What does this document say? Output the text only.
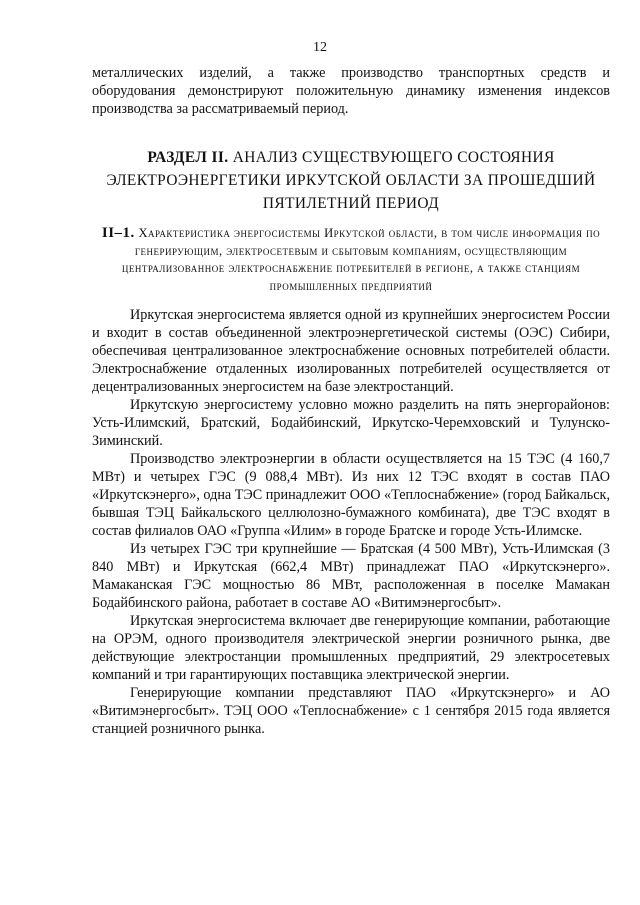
12

металлических изделий, а также производство транспортных средств и оборудования демонстрируют положительную динамику изменения индексов производства за рассматриваемый период.

РАЗДЕЛ II. АНАЛИЗ СУЩЕСТВУЮЩЕГО СОСТОЯНИЯ ЭЛЕКТРОЭНЕРГЕТИКИ ИРКУТСКОЙ ОБЛАСТИ ЗА ПРОШЕДШИЙ ПЯТИЛЕТНИЙ ПЕРИОД
II–1. Характеристика энергосистемы Иркутской области, в том числе информация по генерирующим, электросетевым и сбытовым компаниям, осуществляющим централизованное электроснабжение потребителей в регионе, а также станциям промышленных предприятий

Иркутская энергосистема является одной из крупнейших энергосистем России и входит в состав объединенной электроэнергетической системы (ОЭС) Сибири, обеспечивая централизованное электроснабжение основных потребителей области. Электроснабжение отдаленных изолированных потребителей осуществляется от децентрализованных энергосистем на базе электростанций.

Иркутскую энергосистему условно можно разделить на пять энергорайонов: Усть-Илимский, Братский, Бодайбинский, Иркутско-Черемховский и Тулунско-Зиминский.

Производство электроэнергии в области осуществляется на 15 ТЭС (4 160,7 МВт) и четырех ГЭС (9 088,4 МВт). Из них 12 ТЭС входят в состав ПАО «Иркутскэнерго», одна ТЭС принадлежит ООО «Теплоснабжение» (город Байкальск, бывшая ТЭЦ Байкальского целлюлозно-бумажного комбината), две ТЭС входят в состав филиалов ОАО «Группа «Илим» в городе Братске и городе Усть-Илимске.

Из четырех ГЭС три крупнейшие — Братская (4 500 МВт), Усть-Илимская (3 840 МВт) и Иркутская (662,4 МВт) принадлежат ПАО «Иркутскэнерго». Мамаканская ГЭС мощностью 86 МВт, расположенная в поселке Мамакан Бодайбинского района, работает в составе АО «Витимэнергосбыт».

Иркутская энергосистема включает две генерирующие компании, работающие на ОРЭМ, одного производителя электрической энергии розничного рынка, две действующие электростанции промышленных предприятий, 29 электросетевых компаний и три гарантирующих поставщика электрической энергии.

Генерирующие компании представляют ПАО «Иркутскэнерго» и АО «Витимэнергосбыт». ТЭЦ ООО «Теплоснабжение» с 1 сентября 2015 года является станцией розничного рынка.
